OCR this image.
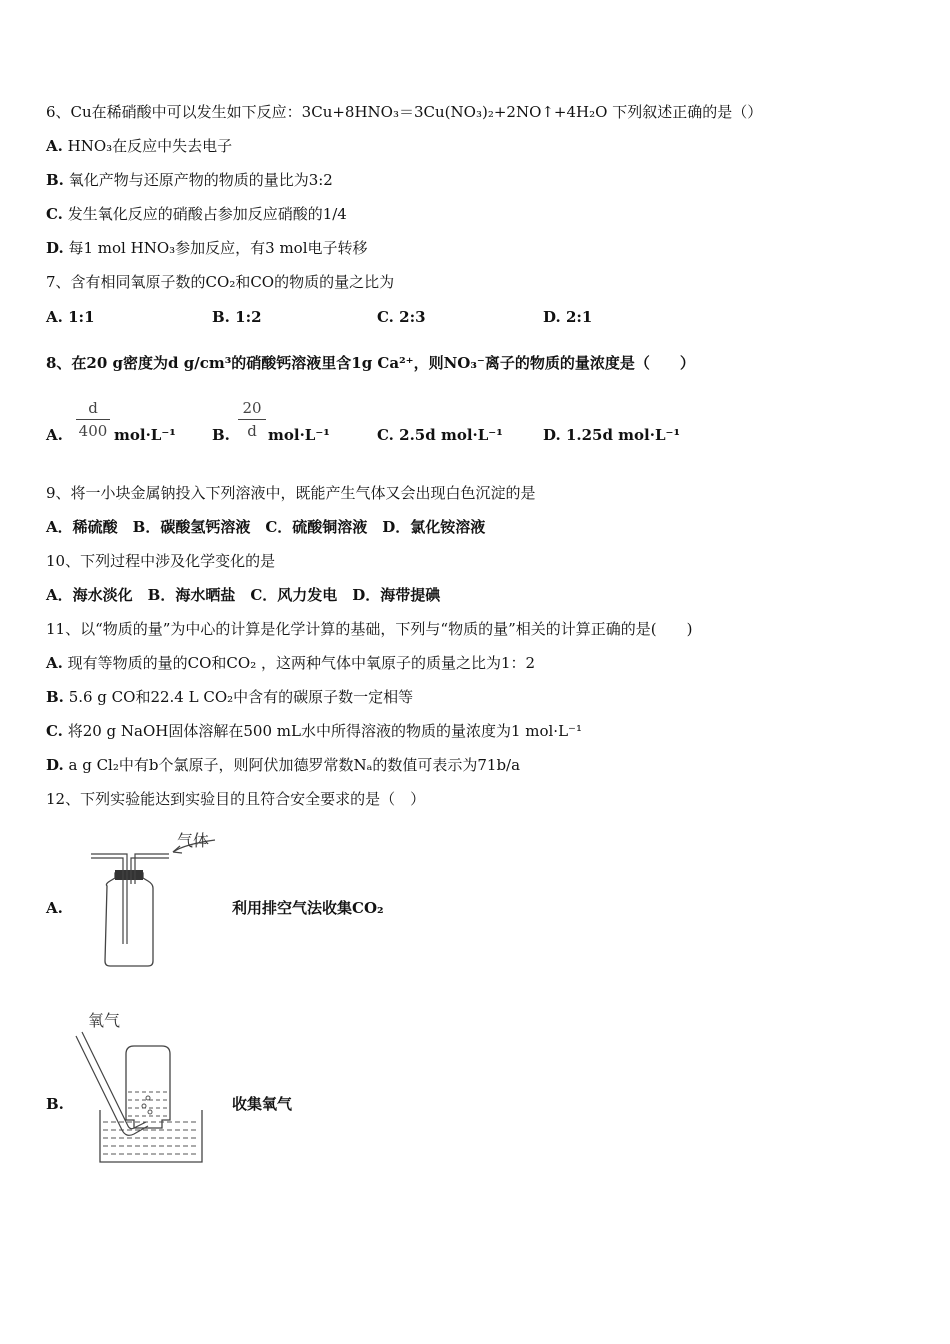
6、Cu在稀硝酸中可以发生如下反应：3Cu+8HNO₃＝3Cu(NO₃)₂+2NO↑+4H₂O 下列叙述正确的是（）
A. HNO₃在反应中失去电子
B. 氧化产物与还原产物的物质的量比为3:2
C. 发生氧化反应的硝酸占参加反应硝酸的1/4
D. 每1 mol HNO₃参加反应，有3 mol电子转移
7、含有相同氧原子数的CO₂和CO的物质的量之比为
A. 1:1	B. 1:2	C. 2:3	D. 2:1
8、在20 g密度为d g/cm³的硝酸钙溶液里含1g Ca²⁺，则NO₃⁻离子的物质的量浓度是（　　）
A.
d
400 mol·L⁻¹ B.
20
d mol·L⁻¹	C. 2.5d mol·L⁻¹	D. 1.25d mol·L⁻¹
9、将一小块金属钠投入下列溶液中，既能产生气体又会出现白色沉淀的是
A．稀硫酸　B．碳酸氢钙溶液　C．硫酸铜溶液　D．氯化铵溶液
10、下列过程中涉及化学变化的是
A．海水淡化　B．海水晒盐　C．风力发电　D．海带提碘
11、以“物质的量”为中心的计算是化学计算的基础，下列与“物质的量”相关的计算正确的是(　　)
A. 现有等物质的量的CO和CO₂ ，这两种气体中氧原子的质量之比为1：2
B. 5.6 g CO和22.4 L CO₂中含有的碳原子数一定相等
C. 将20 g NaOH固体溶解在500 mL水中所得溶液的物质的量浓度为1 mol·L⁻¹
D. a g Cl₂中有b个氯原子，则阿伏加德罗常数Nₐ的数值可表示为71b/a
12、下列实验能达到实验目的且符合安全要求的是（　）
A.
气体
利用排空气法收集CO₂
B.
氧气
收集氧气
